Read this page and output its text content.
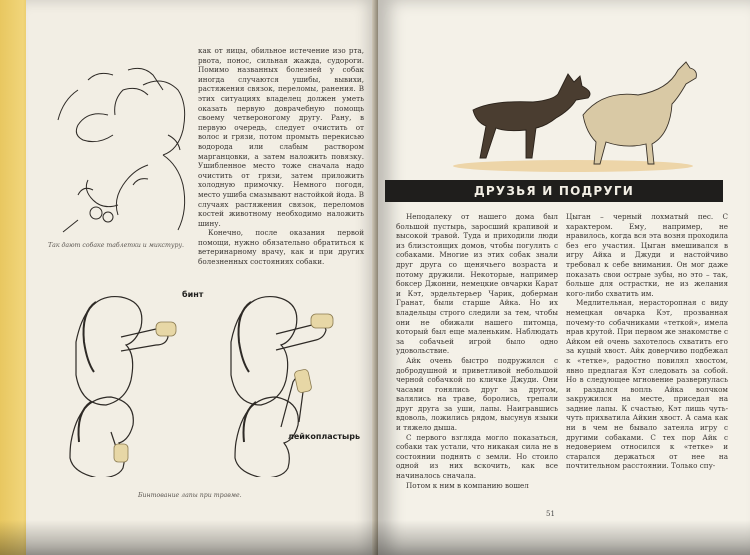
как от яицы, обильное истечение изо рта, рвота, понос, сильная жажда, судороги. Помимо названных болезней у собак иногда случаются ушибы, вывихи, растяжения связок, переломы, ранения. В этих ситуациях владелец должен уметь оказать первую доврачебную помощь своему четвероногому другу. Рану, в первую очередь, следует очистить от волос и грязи, потом промыть перекисью водорода или слабым раствором марганцовки, а затем наложить повязку. Ушибленное место тоже сначала надо очистить от грязи, затем приложить холодную примочку. Немного погодя, место ушиба смазывают настойкой йода. В случаях растяжения связок, переломов костей животному необходимо наложить шину.

Конечно, после оказания первой помощи, нужно обязательно обратиться к ветеринарному врачу, как и при других болезненных состояниях собаки.

Так дают собаке таблетки и микстуру.
бинт
лейкопластырь
Бинтование лапы при травме.
ДРУЗЬЯ И ПОДРУГИ

Неподалеку от нашего дома был большой пустырь, заросший крапивой и высокой травой. Туда и приходили люди из близстоящих домов, чтобы погулять с собаками. Многие из этих собак знали друг друга со щенячьего возраста и потому дружили. Некоторые, например боксер Джонни, немецкие овчарки Карат и Кэт, эрдельтерьер Чарик, доберман Гранат, были старше Айка. Но их владельцы строго следили за тем, чтобы они не обижали нашего питомца, который был еще маленьким. Наблюдать за собачьей игрой было одно удовольствие.

Айк очень быстро подружился с добродушной и приветливой небольшой черной собачкой по кличке Джуди. Они часами гонялись друг за другом, валялись на траве, боролись, трепали друг друга за уши, лапы. Наигравшись вдоволь, ложились рядом, высунув языки и тяжело дыша.

С первого взгляда могло показаться, собаки так устали, что никакая сила не в состоянии поднять с земли. Но стоило одной из них вскочить, как все начиналось сначала.

Потом к ним в компанию вошел

Цыган – черный лохматый пес. С характером. Ему, например, не нравилось, когда вся эта возня проходила без его участия. Цыган вмешивался в игру Айка и Джуди и настойчиво требовал к себе внимания. Он мог даже показать свои острые зубы, но это – так, больше для острастки, не из желания кого-либо схватить им.

Медлительная, нерасторопная с виду немецкая овчарка Кэт, прозванная почему-то собачниками «теткой», имела нрав крутой. При первом же знакомстве с Айком ей очень захотелось схватить его за куцый хвост. Айк доверчиво подбежал к «тетке», радостно повилял хвостом, явно предлагая Кэт следовать за собой. Но в следующее мгновение развернулась и раздался вопль Айка волчком закружился на месте, приседая на задние лапы. К счастью, Кэт лишь чуть-чуть прихватила Айкин хвост. А сама как ни в чем не бывало затеяла игру с другими собаками. С тех пор Айк с недоверием относился к «тетке» и старался держаться от нее на почтительном расстоянии. Только спу-

51
